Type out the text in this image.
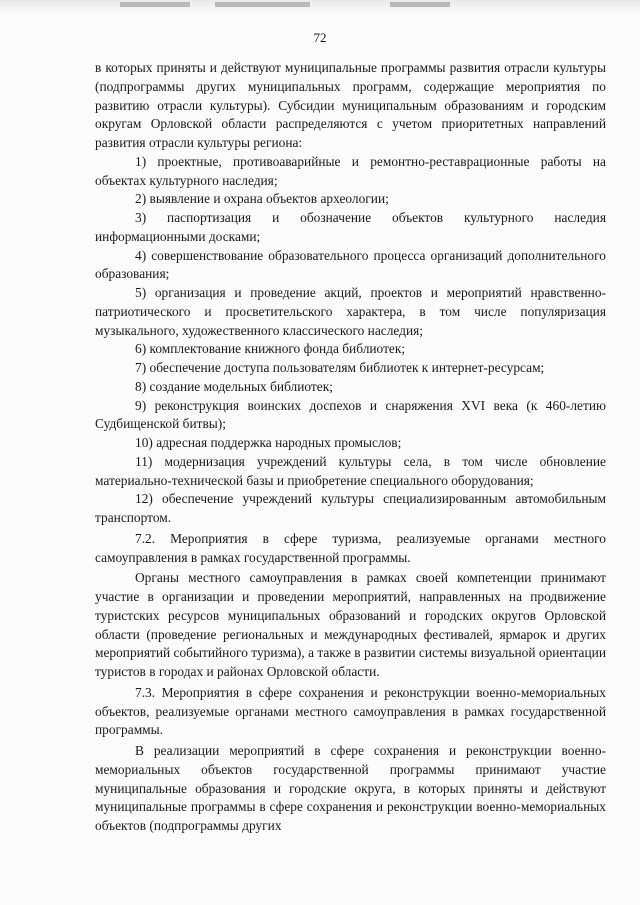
72

в которых приняты и действуют муниципальные программы развития отрасли культуры (подпрограммы других муниципальных программ, содержащие мероприятия по развитию отрасли культуры). Субсидии муниципальным образованиям и городским округам Орловской области распределяются с учетом приоритетных направлений развития отрасли культуры региона:

1) проектные, противоаварийные и ремонтно-реставрационные работы на объектах культурного наследия;

2) выявление и охрана объектов археологии;

3) паспортизация и обозначение объектов культурного наследия информационными досками;

4) совершенствование образовательного процесса организаций дополнительного образования;

5) организация и проведение акций, проектов и мероприятий нравственно-патриотического и просветительского характера, в том числе популяризация музыкального, художественного классического наследия;

6) комплектование книжного фонда библиотек;

7) обеспечение доступа пользователям библиотек к интернет-ресурсам;

8) создание модельных библиотек;

9) реконструкция воинских доспехов и снаряжения XVI века (к 460-летию Судбищенской битвы);

10) адресная поддержка народных промыслов;

11) модернизация учреждений культуры села, в том числе обновление материально-технической базы и приобретение специального оборудования;

12) обеспечение учреждений культуры специализированным автомобильным транспортом.

7.2. Мероприятия в сфере туризма, реализуемые органами местного самоуправления в рамках государственной программы.

Органы местного самоуправления в рамках своей компетенции принимают участие в организации и проведении мероприятий, направленных на продвижение туристских ресурсов муниципальных образований и городских округов Орловской области (проведение региональных и международных фестивалей, ярмарок и других мероприятий событийного туризма), а также в развитии системы визуальной ориентации туристов в городах и районах Орловской области.

7.3. Мероприятия в сфере сохранения и реконструкции военно-мемориальных объектов, реализуемые органами местного самоуправления в рамках государственной программы.

В реализации мероприятий в сфере сохранения и реконструкции военно-мемориальных объектов государственной программы принимают участие муниципальные образования и городские округа, в которых приняты и действуют муниципальные программы в сфере сохранения и реконструкции военно-мемориальных объектов (подпрограммы других
